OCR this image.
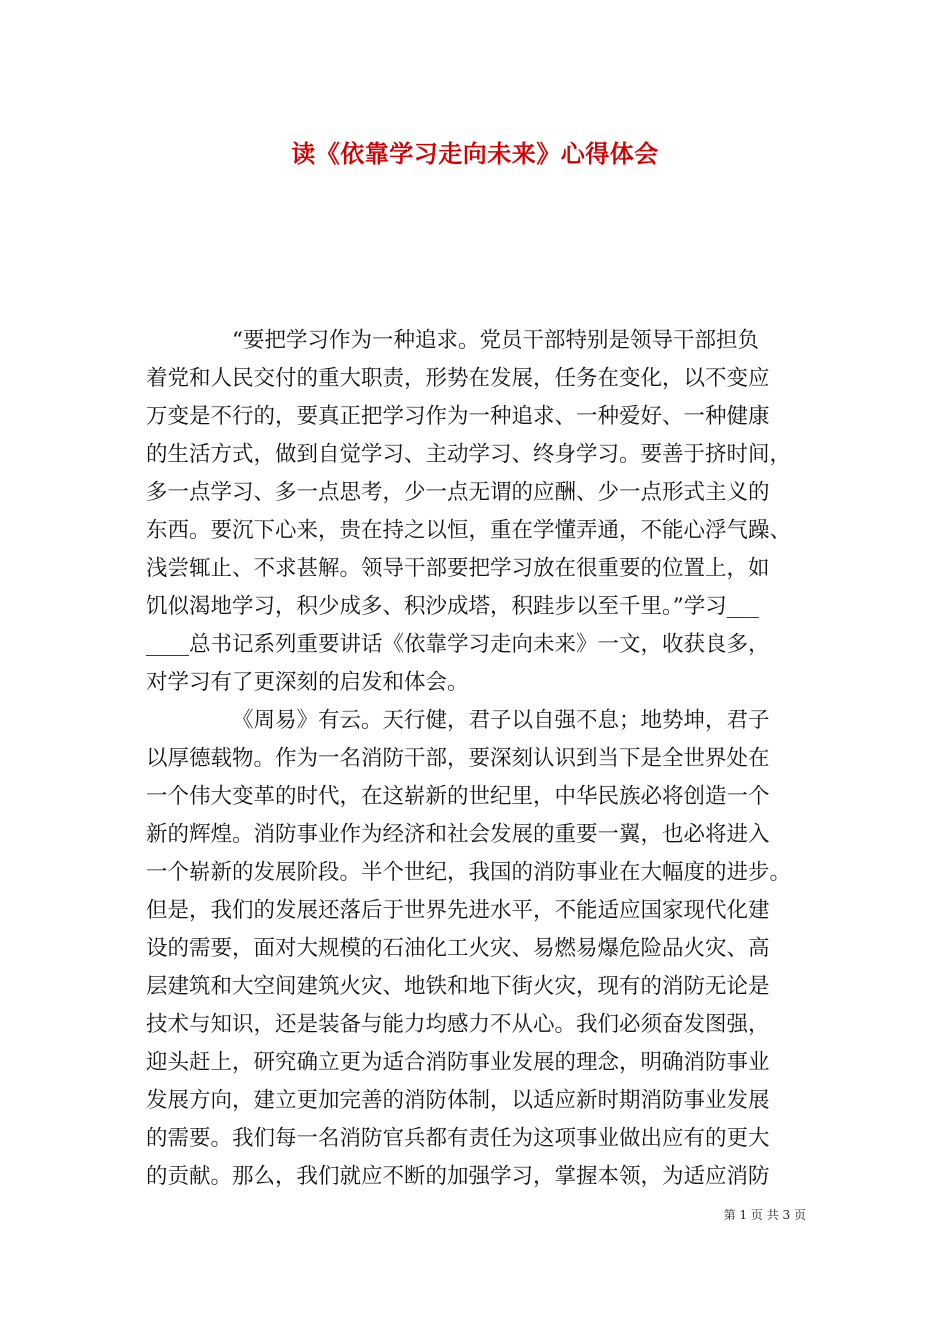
读《依靠学习走向未来》心得体会
“要把学习作为一种追求。党员干部特别是领导干部担负
着党和人民交付的重大职责，形势在发展，任务在变化，以不变应
万变是不行的，要真正把学习作为一种追求、一种爱好、一种健康
的生活方式，做到自觉学习、主动学习、终身学习。要善于挤时间，
多一点学习、多一点思考，少一点无谓的应酬、少一点形式主义的
东西。要沉下心来，贵在持之以恒，重在学懂弄通，不能心浮气躁、
浅尝辄止、不求甚解。领导干部要把学习放在很重要的位置上，如
饥似渴地学习，积少成多、积沙成塔，积跬步以至千里。”学习___
____总书记系列重要讲话《依靠学习走向未来》一文，收获良多，
对学习有了更深刻的启发和体会。
《周易》有云。天行健，君子以自强不息；地势坤，君子
以厚德载物。作为一名消防干部，要深刻认识到当下是全世界处在
一个伟大变革的时代，在这崭新的世纪里，中华民族必将创造一个
新的辉煌。消防事业作为经济和社会发展的重要一翼，也必将进入
一个崭新的发展阶段。半个世纪，我国的消防事业在大幅度的进步。
但是，我们的发展还落后于世界先进水平，不能适应国家现代化建
设的需要，面对大规模的石油化工火灾、易燃易爆危险品火灾、高
层建筑和大空间建筑火灾、地铁和地下街火灾，现有的消防无论是
技术与知识，还是装备与能力均感力不从心。我们必须奋发图强，
迎头赶上，研究确立更为适合消防事业发展的理念，明确消防事业
发展方向，建立更加完善的消防体制，以适应新时期消防事业发展
的需要。我们每一名消防官兵都有责任为这项事业做出应有的更大
的贡献。那么，我们就应不断的加强学习，掌握本领，为适应消防
第 1 页 共 3 页
